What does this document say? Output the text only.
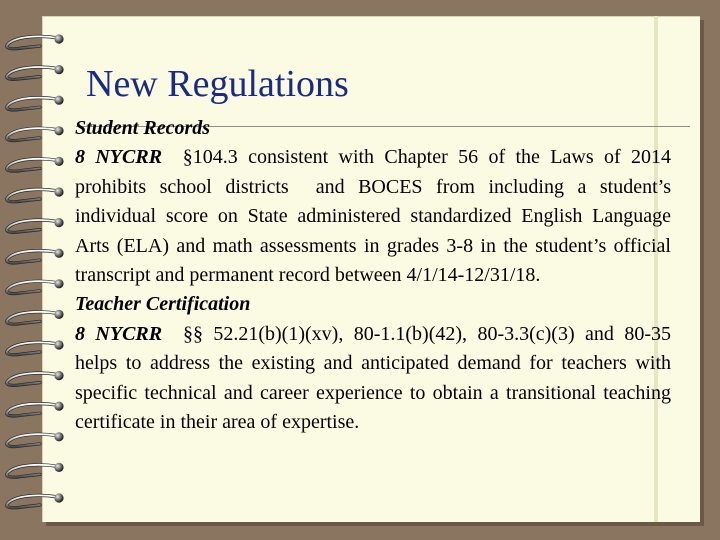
New Regulations

Student Records

8 NYCRR  §104.3 consistent with Chapter 56 of the Laws of 2014 prohibits school districts  and BOCES from including a student’s individual score on State administered standardized English Language Arts (ELA) and math assessments in grades 3-8 in the student’s official transcript and permanent record between 4/1/14-12/31/18.

Teacher Certification

8 NYCRR  §§ 52.21(b)(1)(xv), 80-1.1(b)(42), 80-3.3(c)(3) and 80-35 helps to address the existing and anticipated demand for teachers with specific technical and career experience to obtain a transitional teaching certificate in their area of expertise.
